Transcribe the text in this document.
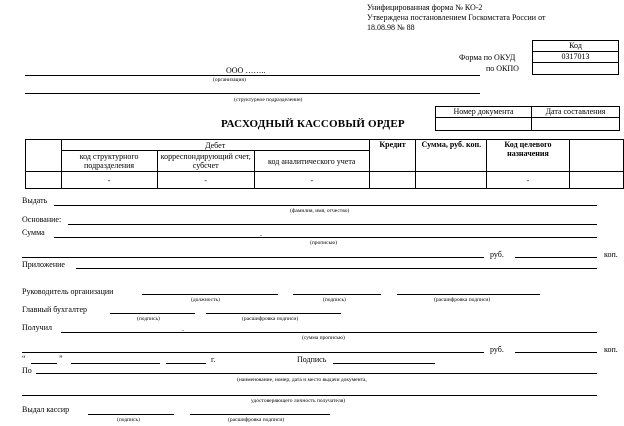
Унифицированная форма № КО-2
Утверждена постановлением Госкомстата России от
18.08.98 № 88
Код
0317013
Форма по ОКУД
по ОКПО
ООО ……..
(организация)
(структурное подразделение)
Номер документа	Дата составления
РАСХОДНЫЙ КАССОВЫЙ ОРДЕР
	Дебет			Кредит	Сумма, руб. коп.	Код целевого назначения	
	код структурного подразделения	корреспондирующий счет, субсчет	код аналитического учета				
	-	-	-			-	
Выдать
(фамилия, имя, отчество)
Основание:
Сумма	.
(прописью)
руб.	коп.
Приложение
Руководитель организации
(должность)	(подпись)	(расшифровка подписи)
Главный бухгалтер
(подпись)	(расшифровка подписи)
Получил	.
(сумма прописью)
руб.	коп.
“	”	г.	Подпись
По
(наименование, номер, дата и место выдачи документа,
удостоверяющего личность получателя)
Выдал кассир
(подпись)	(расшифровка подписи)
